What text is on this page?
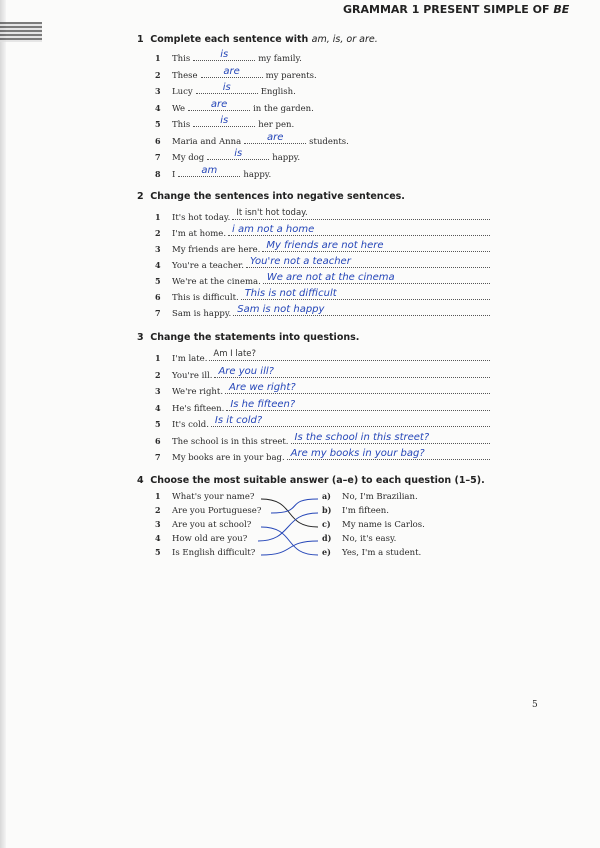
GRAMMAR 1 PRESENT SIMPLE OF BE
1 Complete each sentence with am, is, or are.
1	This	is	my family.
2	These	are	my parents.
3	Lucy	is	English.
4	We	are	in the garden.
5	This	is	her pen.
6	Maria and Anna	are	students.
7	My dog	is	happy.
8	I	am	happy.
2 Change the sentences into negative sentences.
1	It's hot today. It isn't hot today.
2	I'm at home. i am not a home
3	My friends are here. My friends are not here
4	You're a teacher. You're not a teacher
5	We're at the cinema. We are not at the cinema
6	This is difficult. This is not difficult
7	Sam is happy. Sam is not happy
3 Change the statements into questions.
1	I'm late. Am I late?
2	You're ill. Are you ill?
3	We're right. Are we right?
4	He's fifteen. Is he fifteen?
5	It's cold. Is it cold?
6	The school is in this street. Is the school in this street?
7	My books are in your bag. Are my books in your bag?
4 Choose the most suitable answer (a–e) to each question (1–5).
1	What's your name?	a)	No, I'm Brazilian.
2	Are you Portuguese?	b)	I'm fifteen.
3	Are you at school?	c)	My name is Carlos.
4	How old are you?	d)	No, it's easy.
5	Is English difficult?	e)	Yes, I'm a student.
5
